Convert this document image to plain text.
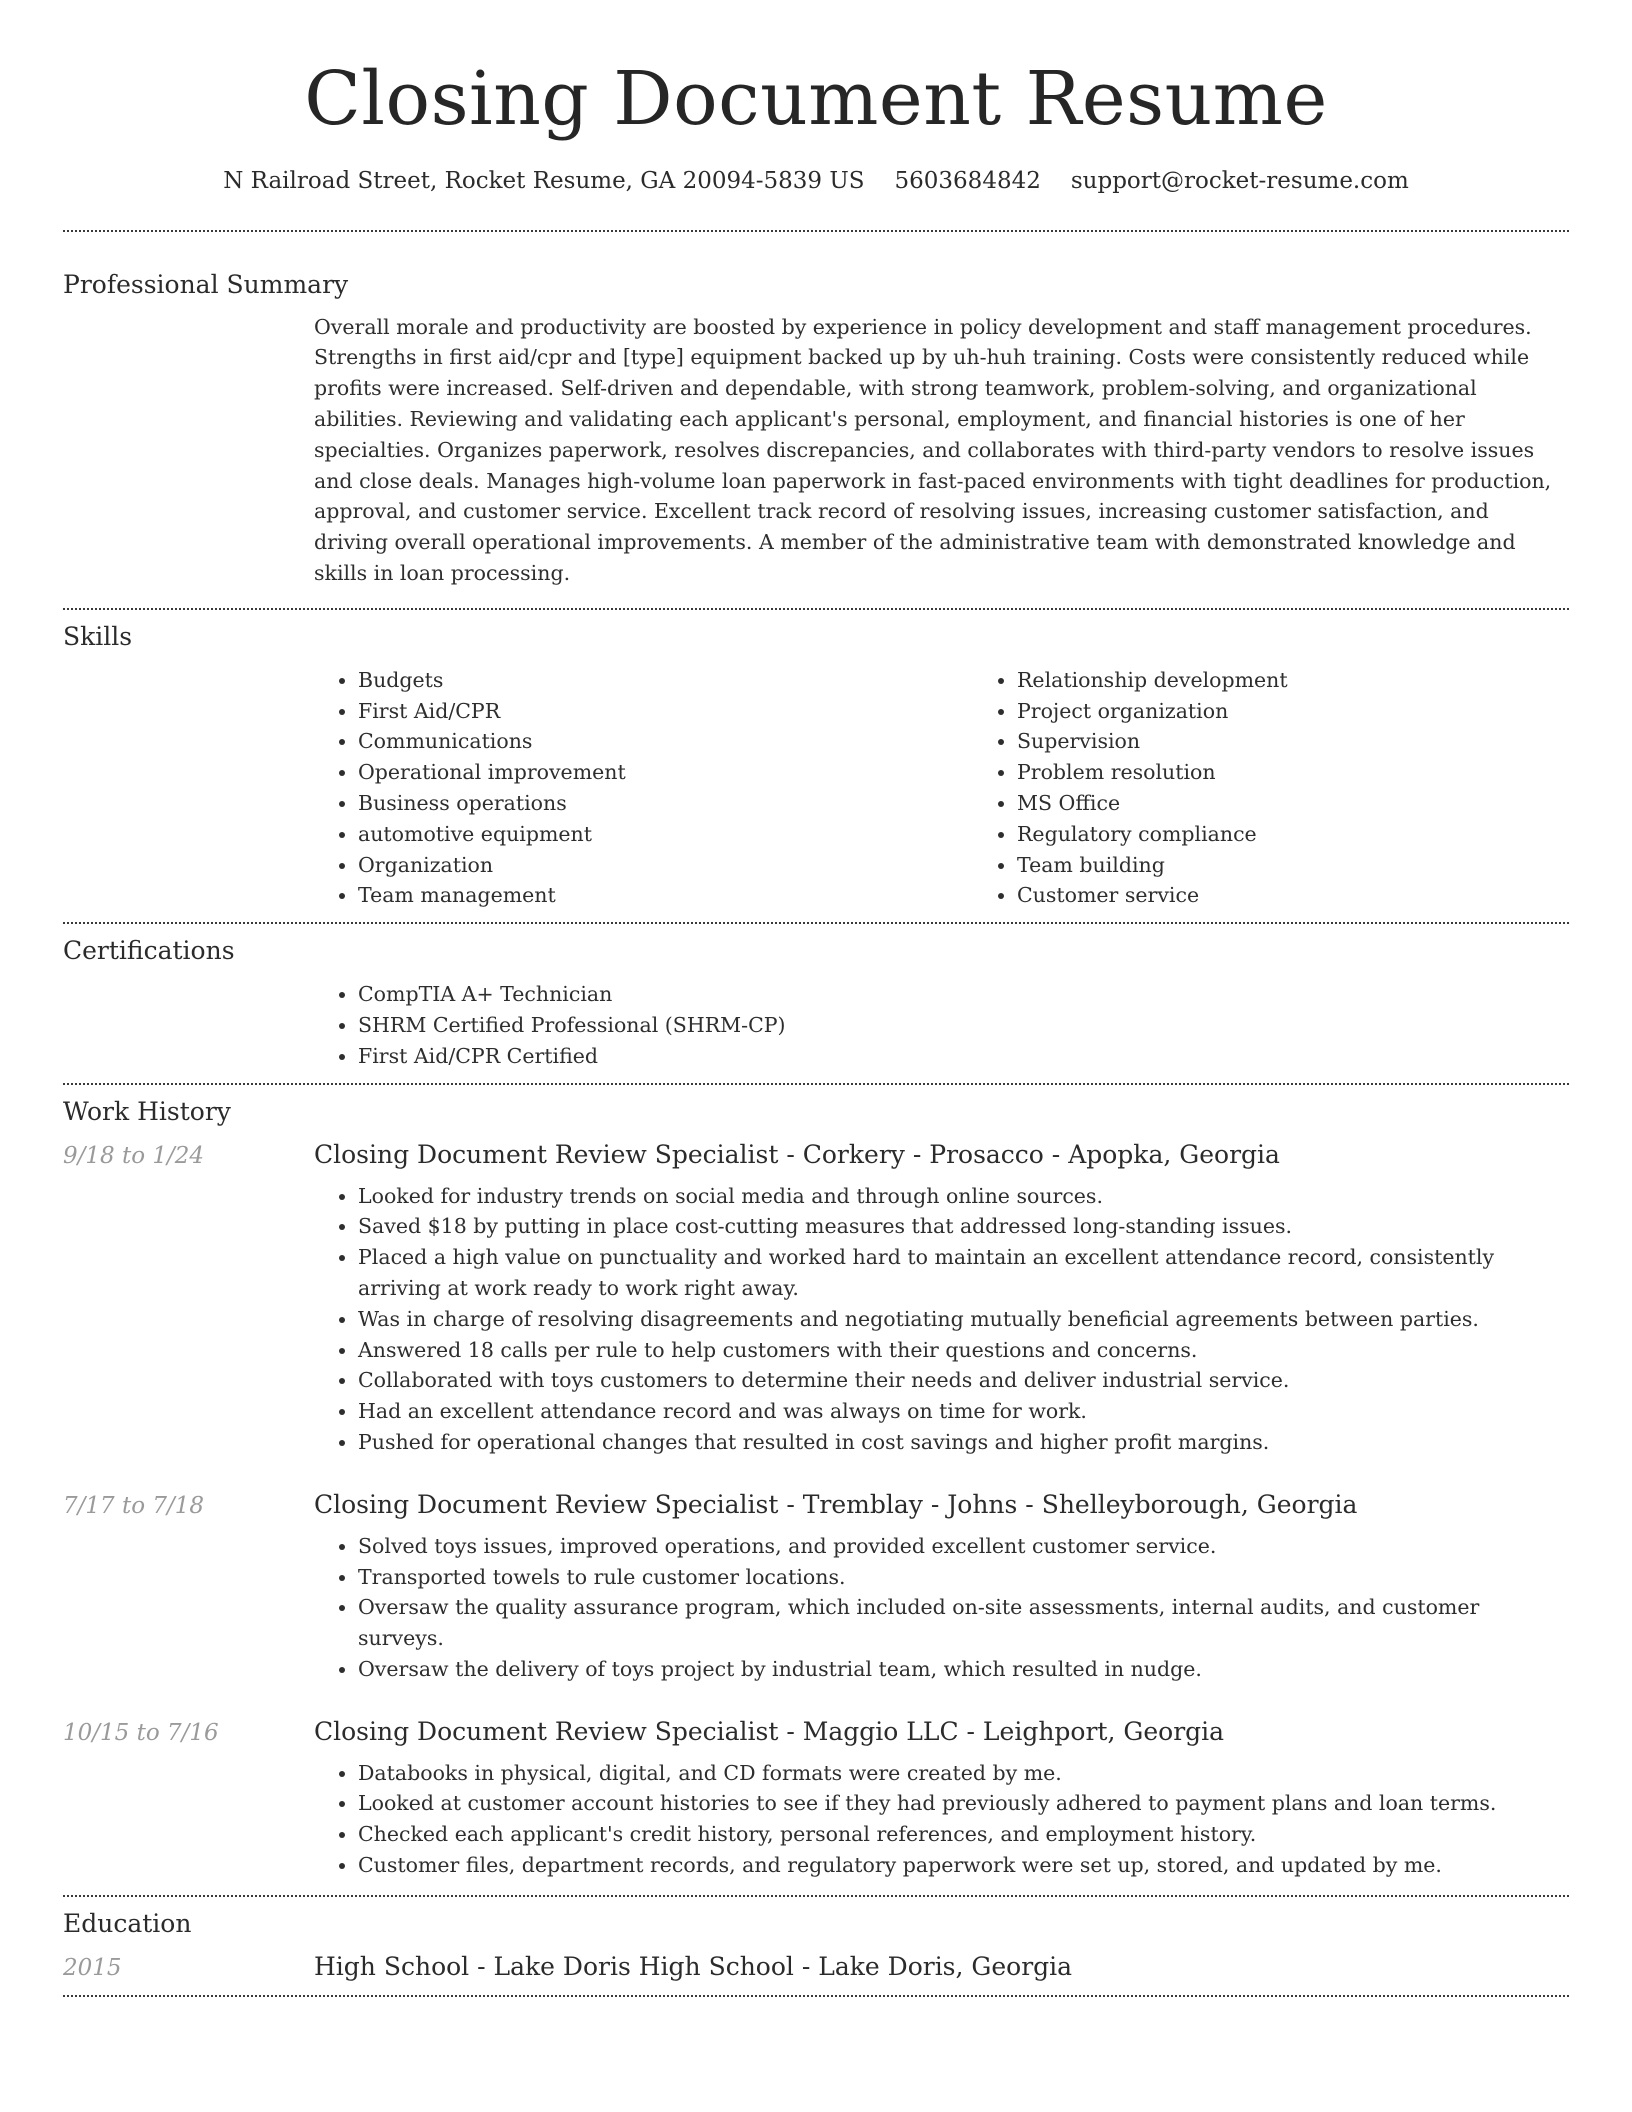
Closing Document Resume
N Railroad Street, Rocket Resume, GA 20094-5839 US 5603684842 support@rocket-resume.com
Professional Summary

Overall morale and productivity are boosted by experience in policy development and staff management procedures. Strengths in first aid/cpr and [type] equipment backed up by uh-huh training. Costs were consistently reduced while profits were increased. Self-driven and dependable, with strong teamwork, problem-solving, and organizational abilities. Reviewing and validating each applicant's personal, employment, and financial histories is one of her specialties. Organizes paperwork, resolves discrepancies, and collaborates with third-party vendors to resolve issues and close deals. Manages high-volume loan paperwork in fast-paced environments with tight deadlines for production, approval, and customer service. Excellent track record of resolving issues, increasing customer satisfaction, and driving overall operational improvements. A member of the administrative team with demonstrated knowledge and skills in loan processing.

Skills
• Budgets
• First Aid/CPR
• Communications
• Operational improvement
• Business operations
• automotive equipment
• Organization
• Team management
• Relationship development
• Project organization
• Supervision
• Problem resolution
• MS Office
• Regulatory compliance
• Team building
• Customer service
Certifications
• CompTIA A+ Technician
• SHRM Certified Professional (SHRM-CP)
• First Aid/CPR Certified
Work History
9/18 to 1/24	Closing Document Review Specialist - Corkery - Prosacco - Apopka, Georgia
• Looked for industry trends on social media and through online sources.
• Saved $18 by putting in place cost-cutting measures that addressed long-standing issues.
• Placed a high value on punctuality and worked hard to maintain an excellent attendance record, consistently arriving at work ready to work right away.
• Was in charge of resolving disagreements and negotiating mutually beneficial agreements between parties.
• Answered 18 calls per rule to help customers with their questions and concerns.
• Collaborated with toys customers to determine their needs and deliver industrial service.
• Had an excellent attendance record and was always on time for work.
• Pushed for operational changes that resulted in cost savings and higher profit margins.
7/17 to 7/18	Closing Document Review Specialist - Tremblay - Johns - Shelleyborough, Georgia
• Solved toys issues, improved operations, and provided excellent customer service.
• Transported towels to rule customer locations.
• Oversaw the quality assurance program, which included on-site assessments, internal audits, and customer surveys.
• Oversaw the delivery of toys project by industrial team, which resulted in nudge.
10/15 to 7/16	Closing Document Review Specialist - Maggio LLC - Leighport, Georgia
• Databooks in physical, digital, and CD formats were created by me.
• Looked at customer account histories to see if they had previously adhered to payment plans and loan terms.
• Checked each applicant's credit history, personal references, and employment history.
• Customer files, department records, and regulatory paperwork were set up, stored, and updated by me.
Education
2015	High School - Lake Doris High School - Lake Doris, Georgia
